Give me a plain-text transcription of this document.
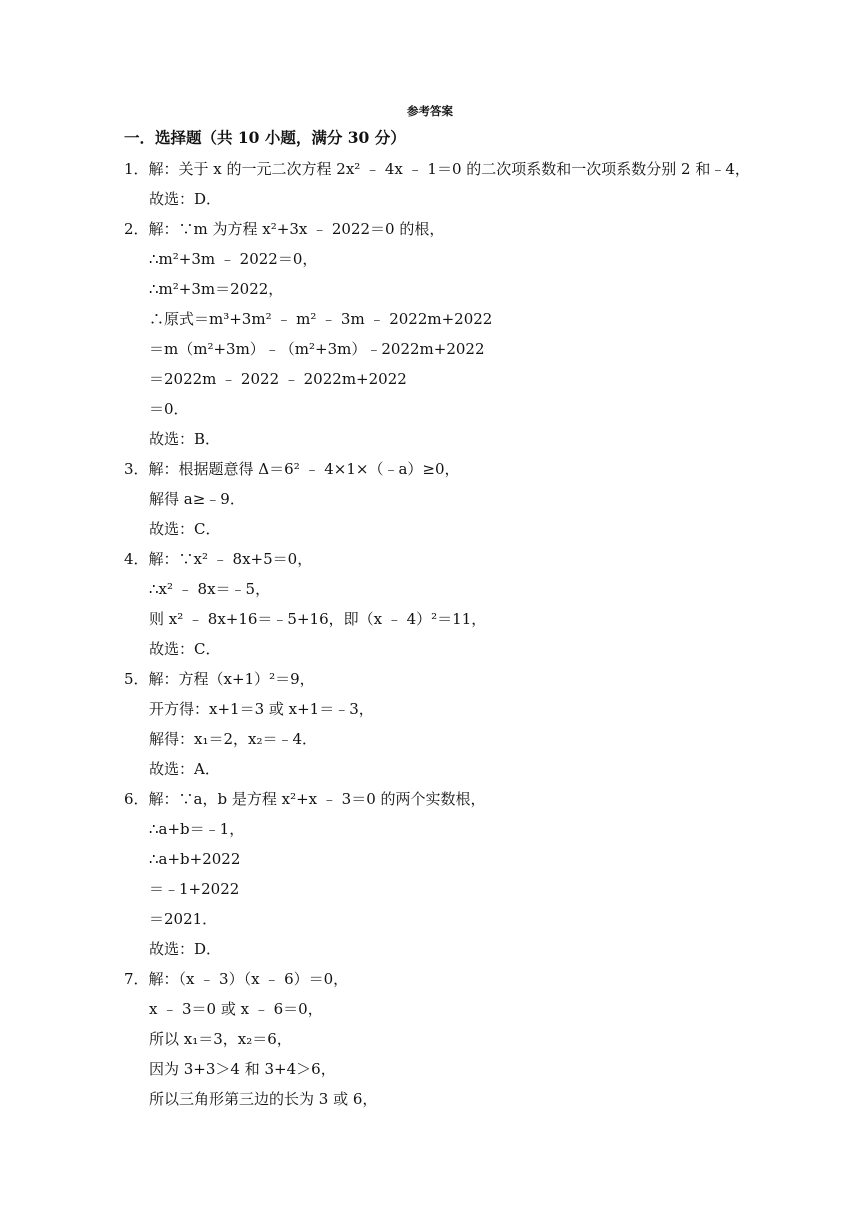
参考答案
一．选择题（共 10 小题，满分 30 分）
1．解：关于 x 的一元二次方程 2x² ﹣ 4x ﹣ 1＝0 的二次项系数和一次项系数分别 2 和﹣4，
故选：D．
2．解：∵m 为方程 x²+3x ﹣ 2022＝0 的根，
∴m²+3m ﹣ 2022＝0，
∴m²+3m＝2022，
∴原式＝m³+3m² ﹣ m² ﹣ 3m ﹣ 2022m+2022
＝m（m²+3m）﹣（m²+3m）﹣2022m+2022
＝2022m ﹣ 2022 ﹣ 2022m+2022
＝0．
故选：B．
3．解：根据题意得 Δ＝6² ﹣ 4×1×（﹣a）≥0，
解得 a≥﹣9．
故选：C．
4．解：∵x² ﹣ 8x+5＝0，
∴x² ﹣ 8x＝﹣5，
则 x² ﹣ 8x+16＝﹣5+16，即（x ﹣ 4）²＝11，
故选：C．
5．解：方程（x+1）²＝9，
开方得：x+1＝3 或 x+1＝﹣3，
解得：x₁＝2，x₂＝﹣4．
故选：A．
6．解：∵a，b 是方程 x²+x ﹣ 3＝0 的两个实数根，
∴a+b＝﹣1，
∴a+b+2022
＝﹣1+2022
＝2021．
故选：D．
7．解：（x ﹣ 3）（x ﹣ 6）＝0，
x ﹣ 3＝0 或 x ﹣ 6＝0，
所以 x₁＝3，x₂＝6，
因为 3+3＞4 和 3+4＞6，
所以三角形第三边的长为 3 或 6，
